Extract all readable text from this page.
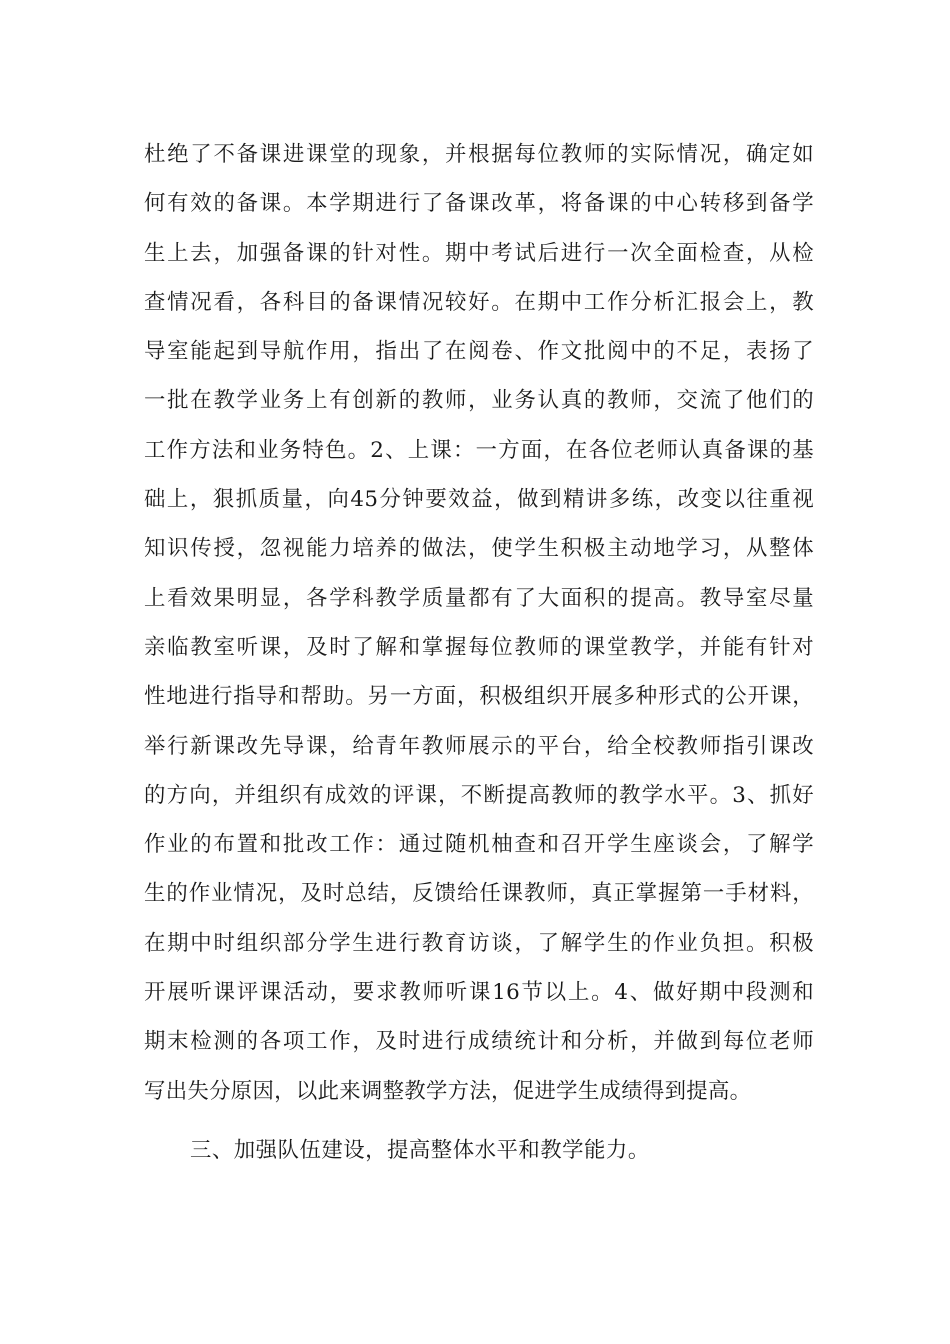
杜绝了不备课进课堂的现象，并根据每位教师的实际情况，确定如
何有效的备课。本学期进行了备课改革，将备课的中心转移到备学
生上去，加强备课的针对性。期中考试后进行一次全面检查，从检
查情况看，各科目的备课情况较好。在期中工作分析汇报会上，教
导室能起到导航作用，指出了在阅卷、作文批阅中的不足，表扬了
一批在教学业务上有创新的教师，业务认真的教师，交流了他们的
工作方法和业务特色。2、上课：一方面，在各位老师认真备课的基
础上，狠抓质量，向45分钟要效益，做到精讲多练，改变以往重视
知识传授，忽视能力培养的做法，使学生积极主动地学习，从整体
上看效果明显，各学科教学质量都有了大面积的提高。教导室尽量
亲临教室听课，及时了解和掌握每位教师的课堂教学，并能有针对
性地进行指导和帮助。另一方面，积极组织开展多种形式的公开课，
举行新课改先导课，给青年教师展示的平台，给全校教师指引课改
的方向，并组织有成效的评课，不断提高教师的教学水平。3、抓好
作业的布置和批改工作：通过随机柚查和召开学生座谈会，了解学
生的作业情况，及时总结，反馈给任课教师，真正掌握第一手材料，
在期中时组织部分学生进行教育访谈，了解学生的作业负担。积极
开展听课评课活动，要求教师听课16节以上。4、做好期中段测和
期末检测的各项工作，及时进行成绩统计和分析，并做到每位老师
写出失分原因，以此来调整教学方法，促进学生成绩得到提高。
三、加强队伍建设，提高整体水平和教学能力。
